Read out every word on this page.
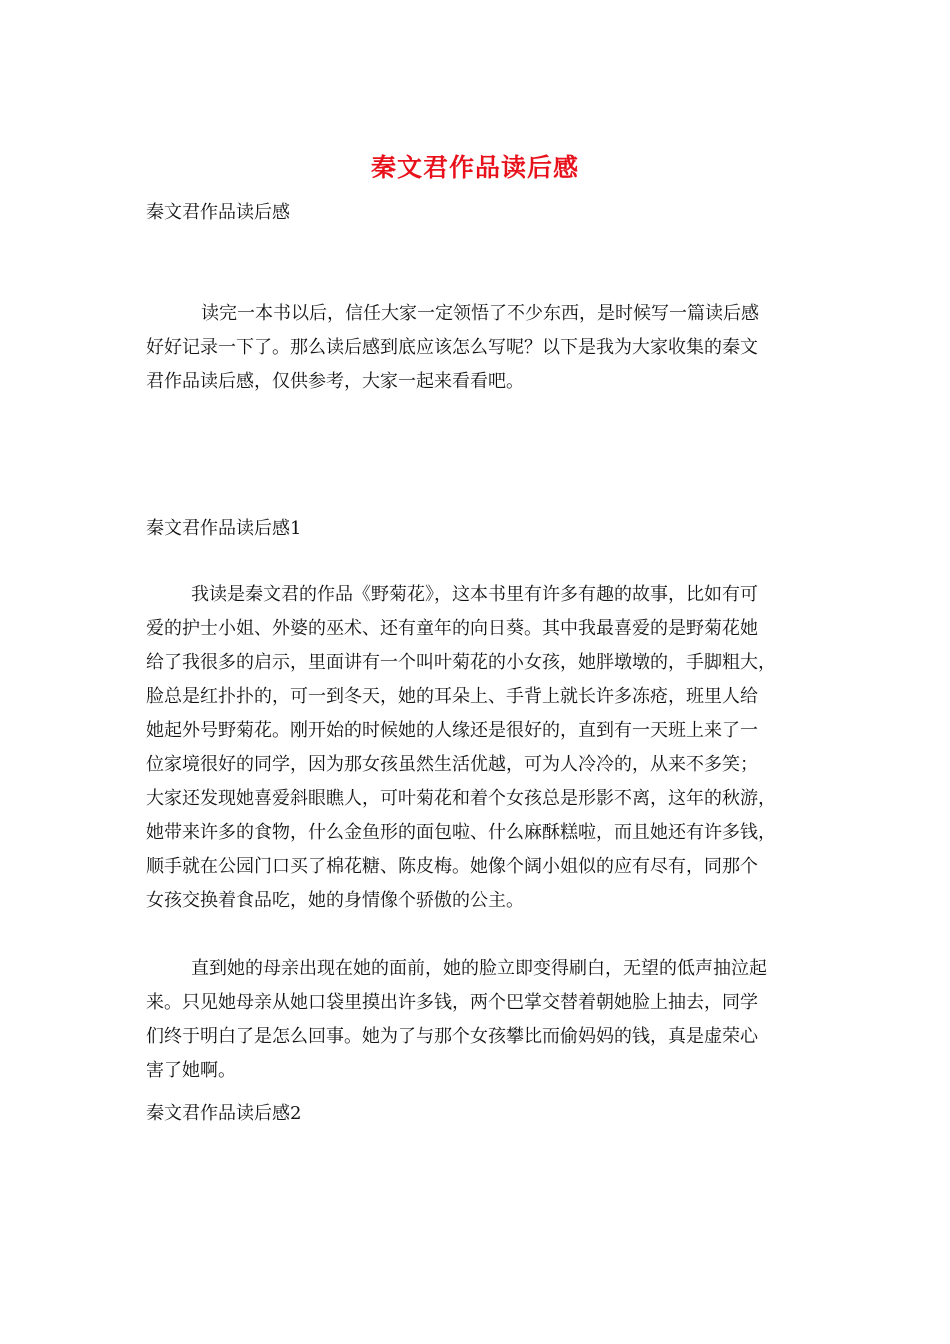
秦文君作品读后感
秦文君作品读后感
读完一本书以后，信任大家一定领悟了不少东西，是时候写一篇读后感
好好记录一下了。那么读后感到底应该怎么写呢？以下是我为大家收集的秦文
君作品读后感，仅供参考，大家一起来看看吧。
秦文君作品读后感1
我读是秦文君的作品《野菊花》，这本书里有许多有趣的故事，比如有可
爱的护士小姐、外婆的巫术、还有童年的向日葵。其中我最喜爱的是野菊花她
给了我很多的启示，里面讲有一个叫叶菊花的小女孩，她胖墩墩的，手脚粗大，
脸总是红扑扑的，可一到冬天，她的耳朵上、手背上就长许多冻疮，班里人给
她起外号野菊花。刚开始的时候她的人缘还是很好的，直到有一天班上来了一
位家境很好的同学，因为那女孩虽然生活优越，可为人冷冷的，从来不多笑；
大家还发现她喜爱斜眼瞧人，可叶菊花和着个女孩总是形影不离，这年的秋游，
她带来许多的食物，什么金鱼形的面包啦、什么麻酥糕啦，而且她还有许多钱，
顺手就在公园门口买了棉花糖、陈皮梅。她像个阔小姐似的应有尽有，同那个
女孩交换着食品吃，她的身情像个骄傲的公主。
直到她的母亲出现在她的面前，她的脸立即变得刷白，无望的低声抽泣起
来。只见她母亲从她口袋里摸出许多钱，两个巴掌交替着朝她脸上抽去，同学
们终于明白了是怎么回事。她为了与那个女孩攀比而偷妈妈的钱，真是虚荣心
害了她啊。
秦文君作品读后感2
